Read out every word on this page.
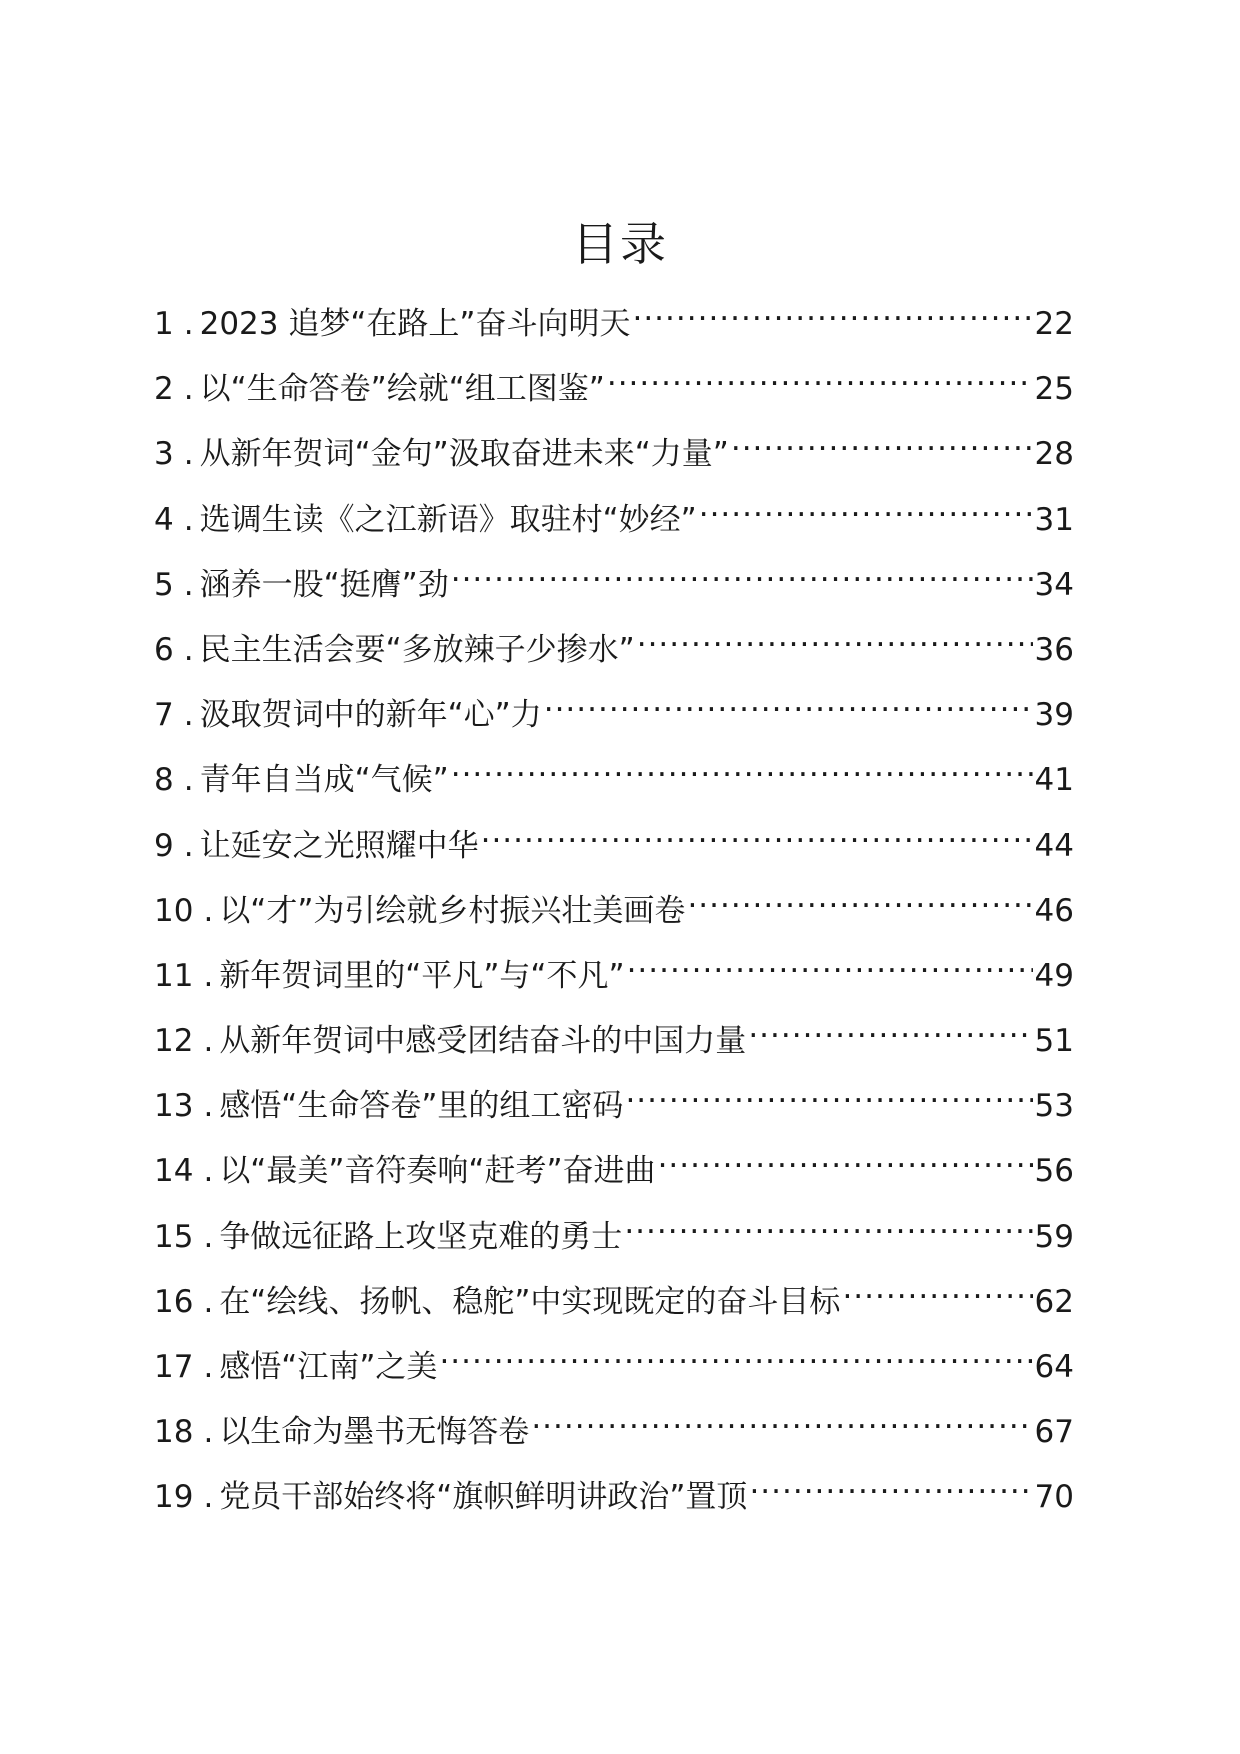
目录
1 . 2023 追梦“在路上”奋斗向明天 .....	22
2 . 以“生命答卷”绘就“组工图鉴” .....	25
3 . 从新年贺词“金句”汲取奋进未来“力量” .....	28
4 . 选调生读《之江新语》取驻村“妙经” .....	31
5 . 涵养一股“挺膺”劲 .....	34
6 . 民主生活会要“多放辣子少掺水” .....	36
7 . 汲取贺词中的新年“心”力 .....	39
8 . 青年自当成“气候” .....	41
9 . 让延安之光照耀中华 .....	44
10 . 以“才”为引绘就乡村振兴壮美画卷 .....	46
11 . 新年贺词里的“平凡”与“不凡” .....	49
12 . 从新年贺词中感受团结奋斗的中国力量 .....	51
13 . 感悟“生命答卷”里的组工密码 .....	53
14 . 以“最美”音符奏响“赶考”奋进曲 .....	56
15 . 争做远征路上攻坚克难的勇士 .....	59
16 . 在“绘线、扬帆、稳舵”中实现既定的奋斗目标 .....	62
17 . 感悟“江南”之美 .....	64
18 . 以生命为墨书无悔答卷 .....	67
19 . 党员干部始终将“旗帜鲜明讲政治”置顶 .....	70
